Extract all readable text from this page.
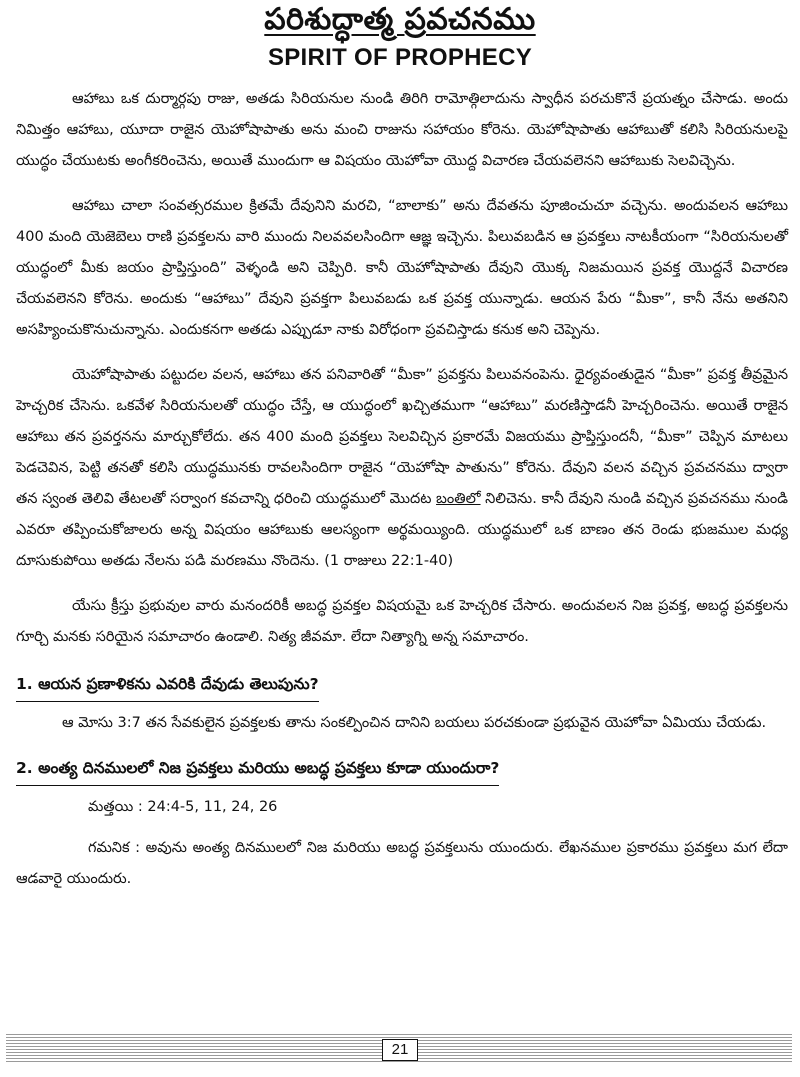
పరిశుద్ధాత్మ ప్రవచనము
SPIRIT OF PROPHECY

ఆహాబు ఒక దుర్మార్గపు రాజు, అతడు సిరియనుల నుండి తిరిగి రామోత్గిలాదును స్వాధీన పరచుకొనే ప్రయత్నం చేసాడు. అందు నిమిత్తం ఆహాబు, యూదా రాజైన యెహోషాపాతు అను మంచి రాజును సహాయం కోరెను. యెహోషాపాతు ఆహాబుతో కలిసి సిరియనులపై యుద్ధం చేయుటకు అంగీకరించెను, అయితే ముందుగా ఆ విషయం యెహోవా యొద్ద విచారణ చేయవలెనని ఆహాబుకు సెలవిచ్చెను.

ఆహాబు చాలా సంవత్సరముల క్రితమే దేవునిని మరచి, “బాలాకు” అను దేవతను పూజించుచూ వచ్చెను. అందువలన ఆహాబు 400 మంది యెజెబెలు రాణి ప్రవక్తలను వారి ముందు నిలవవలసిందిగా ఆజ్ఞ ఇచ్చెను. పిలువబడిన ఆ ప్రవక్తలు నాటకీయంగా “సిరియనులతో యుద్ధంలో మీకు జయం ప్రాప్తిస్తుంది” వెళ్ళండి అని చెప్పిరి. కానీ యెహోషాపాతు దేవుని యొక్క నిజమయిన ప్రవక్త యొద్దనే విచారణ చేయవలెనని కోరెను. అందుకు “ఆహాబు” దేవుని ప్రవక్తగా పిలువబడు ఒక ప్రవక్త యున్నాడు. ఆయన పేరు “మీకా”, కానీ నేను అతనిని అసహ్యించుకొనుచున్నాను. ఎందుకనగా అతడు ఎప్పుడూ నాకు విరోధంగా ప్రవచిస్తాడు కనుక అని చెప్పెను.

యెహోషాపాతు పట్టుదల వలన, ఆహాబు తన పనివారితో “మీకా” ప్రవక్తను పిలువనంపెను. ధైర్యవంతుడైన “మీకా” ప్రవక్త తీవ్రమైన హెచ్చరిక చేసెను. ఒకవేళ సిరియనులతో యుద్ధం చేస్తే, ఆ యుద్ధంలో ఖచ్చితముగా “ఆహాబు” మరణిస్తాడనీ హెచ్చరించెను. అయితే రాజైన ఆహాబు తన ప్రవర్తనను మార్చుకోలేదు. తన 400 మంది ప్రవక్తలు సెలవిచ్చిన ప్రకారమే విజయము ప్రాప్తిస్తుందనీ, “మీకా” చెప్పిన మాటలు పెడచెవిన, పెట్టి తనతో కలిసి యుద్ధమునకు రావలసిందిగా రాజైన “యెహోషా పాతును” కోరెను. దేవుని వలన వచ్చిన ప్రవచనము ద్వారా తన స్వంత తెలివి తేటలతో సర్వాంగ కవచాన్ని ధరించి యుద్ధములో మొదట బంతిలో నిలిచెను. కానీ దేవుని నుండి వచ్చిన ప్రవచనము నుండి ఎవరూ తప్పించుకోజాలరు అన్న విషయం ఆహాబుకు ఆలస్యంగా అర్థమయ్యింది. యుద్ధములో ఒక బాణం తన రెండు భుజముల మధ్య దూసుకుపోయి అతడు నేలను పడి మరణము నొందెను. (1 రాజులు 22:1-40)

యేసు క్రీస్తు ప్రభువుల వారు మనందరికీ అబద్ధ ప్రవక్తల విషయమై ఒక హెచ్చరిక చేసారు. అందువలన నిజ ప్రవక్త, అబద్ధ ప్రవక్తలను గూర్చి మనకు సరియైన సమాచారం ఉండాలి. నిత్య జీవమా. లేదా నిత్యాగ్ని అన్న సమాచారం.

1. ఆయన ప్రణాళికను ఎవరికి దేవుడు తెలుపును?

ఆ మోసు 3:7 తన సేవకులైన ప్రవక్తలకు తాను సంకల్పించిన దానిని బయలు పరచకుండా ప్రభువైన యెహోవా ఏమియు చేయడు.

2. అంత్య దినములలో నిజ ప్రవక్తలు మరియు అబద్ధ ప్రవక్తలు కూడా యుందురా?

మత్తయి : 24:4-5, 11, 24, 26

గమనిక : అవును అంత్య దినములలో నిజ మరియు అబద్ధ ప్రవక్తలును యుందురు. లేఖనముల ప్రకారము ప్రవక్తలు మగ లేదా ఆడవారై యుందురు.

21
